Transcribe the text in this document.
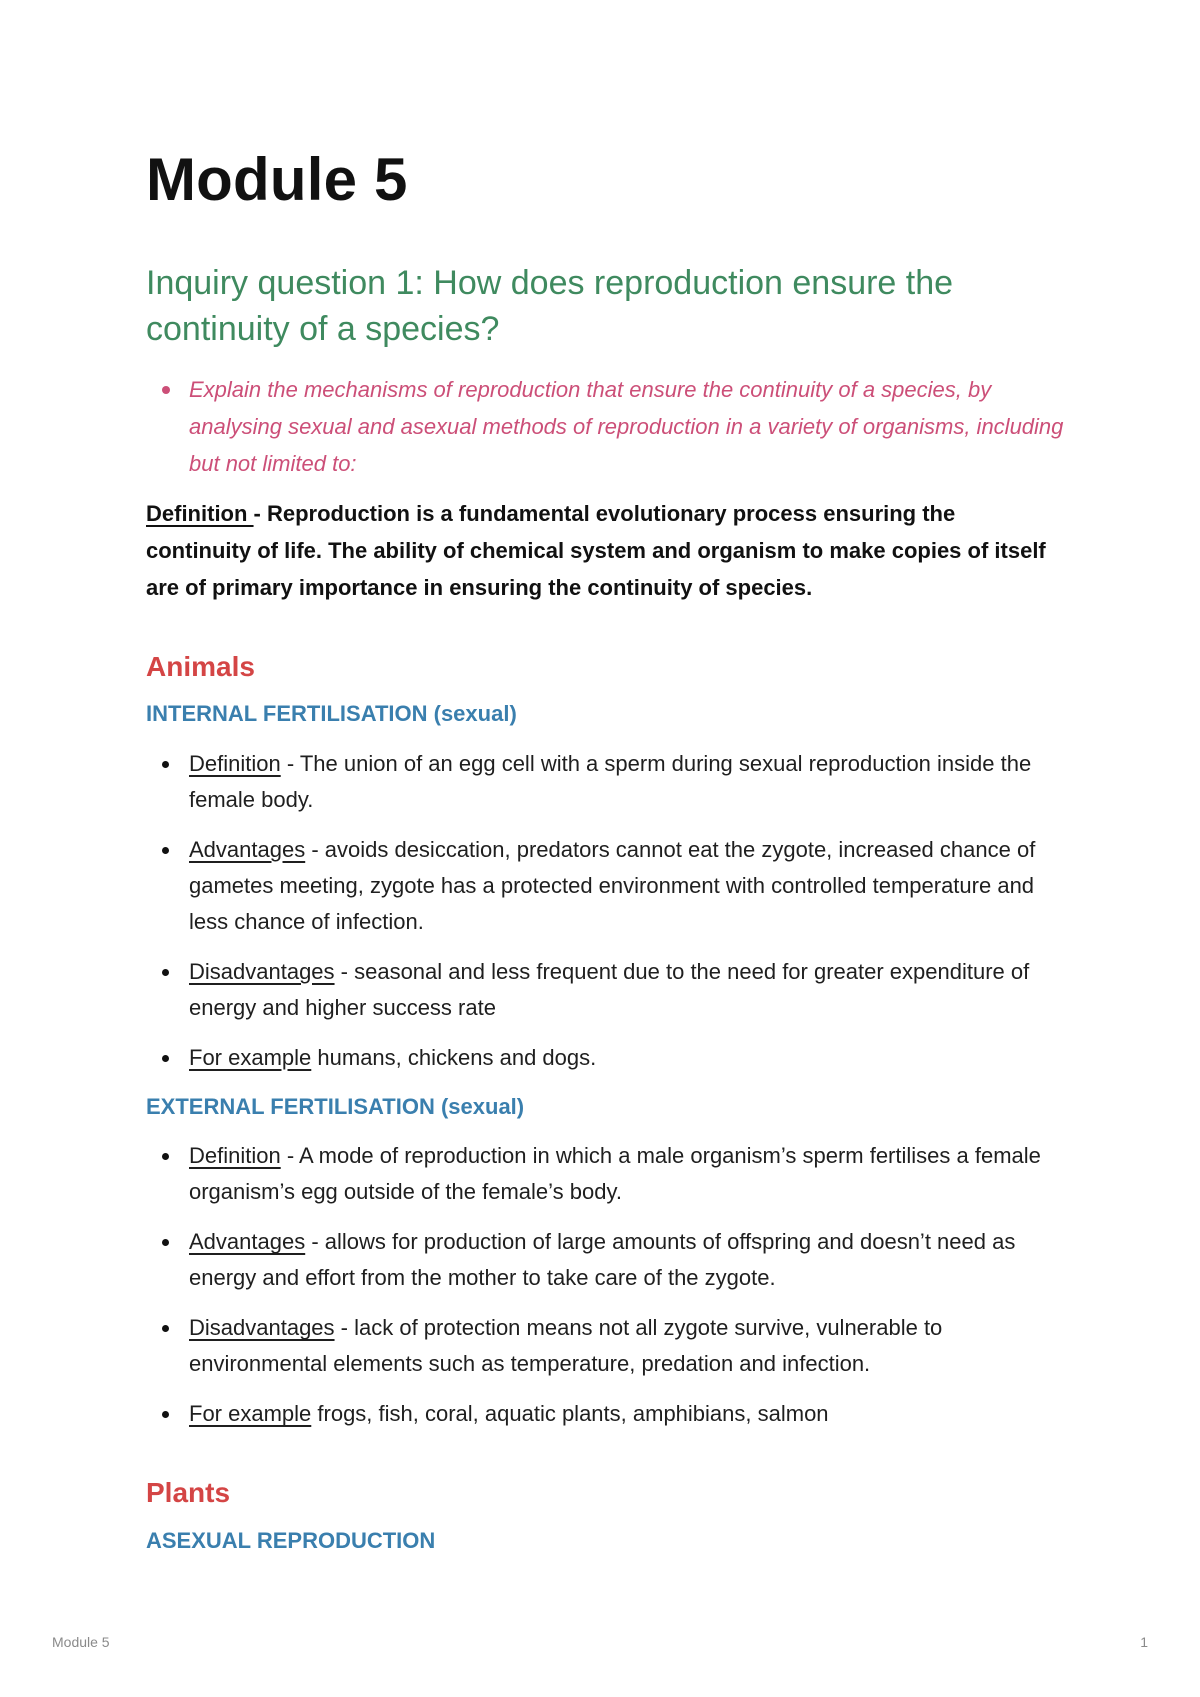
Module 5
Inquiry question 1: How does reproduction ensure the continuity of a species?
Explain the mechanisms of reproduction that ensure the continuity of a species, by analysing sexual and asexual methods of reproduction in a variety of organisms, including but not limited to:

Definition - Reproduction is a fundamental evolutionary process ensuring the continuity of life. The ability of chemical system and organism to make copies of itself are of primary importance in ensuring the continuity of species.

Animals
INTERNAL FERTILISATION (sexual)
Definition - The union of an egg cell with a sperm during sexual reproduction inside the female body.
Advantages - avoids desiccation, predators cannot eat the zygote, increased chance of gametes meeting, zygote has a protected environment with controlled temperature and less chance of infection.
Disadvantages - seasonal and less frequent due to the need for greater expenditure of energy and higher success rate
For example humans, chickens and dogs.
EXTERNAL FERTILISATION (sexual)
Definition - A mode of reproduction in which a male organism’s sperm fertilises a female organism’s egg outside of the female’s body.
Advantages - allows for production of large amounts of offspring and doesn’t need as energy and effort from the mother to take care of the zygote.
Disadvantages - lack of protection means not all zygote survive, vulnerable to environmental elements such as temperature, predation and infection.
For example frogs, fish, coral, aquatic plants, amphibians, salmon
Plants
ASEXUAL REPRODUCTION
Module 5	1
